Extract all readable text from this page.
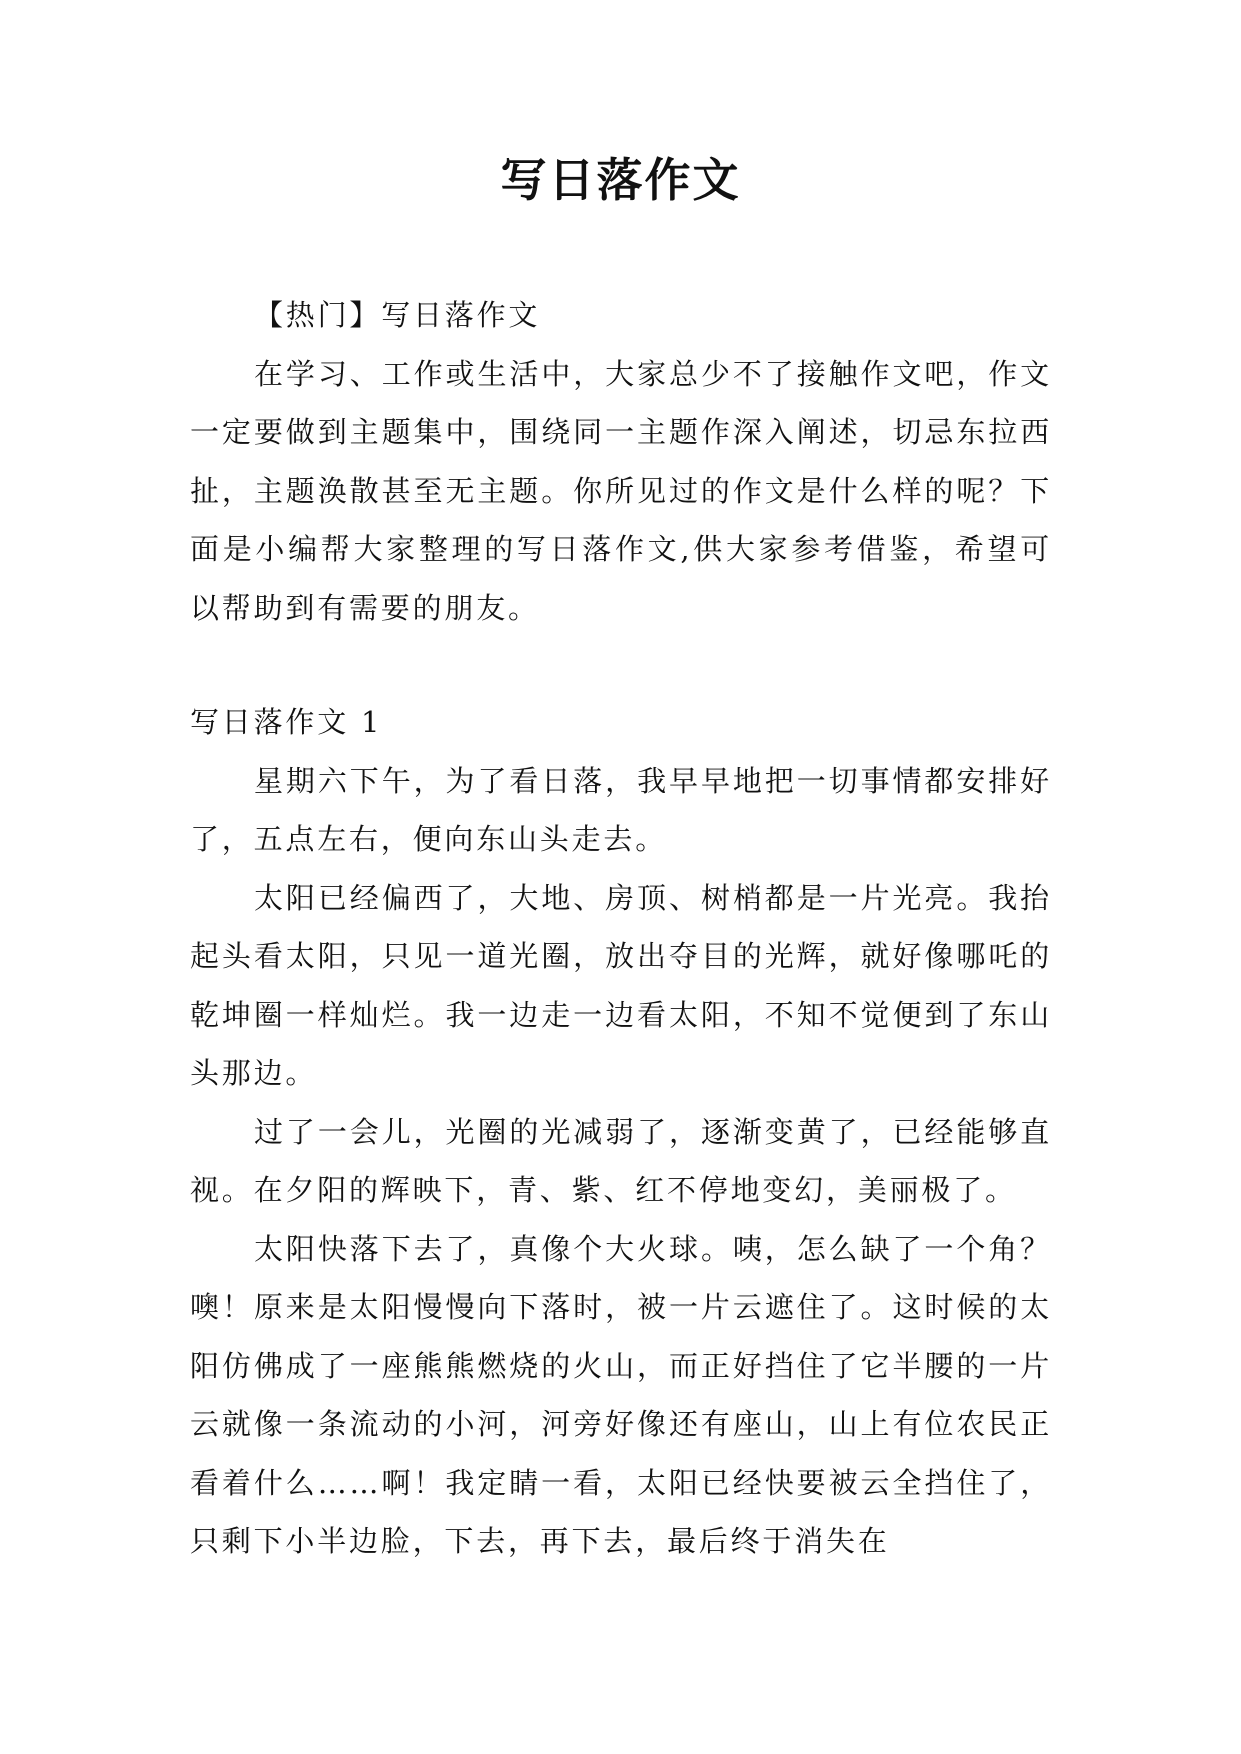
写日落作文

【热门】写日落作文

在学习、工作或生活中，大家总少不了接触作文吧，作文一定要做到主题集中，围绕同一主题作深入阐述，切忌东拉西扯，主题涣散甚至无主题。你所见过的作文是什么样的呢？下面是小编帮大家整理的写日落作文,供大家参考借鉴，希望可以帮助到有需要的朋友。

写日落作文 1

星期六下午，为了看日落，我早早地把一切事情都安排好了，五点左右，便向东山头走去。

太阳已经偏西了，大地、房顶、树梢都是一片光亮。我抬起头看太阳，只见一道光圈，放出夺目的光辉，就好像哪吒的乾坤圈一样灿烂。我一边走一边看太阳，不知不觉便到了东山头那边。

过了一会儿，光圈的光减弱了，逐渐变黄了，已经能够直视。在夕阳的辉映下，青、紫、红不停地变幻，美丽极了。

太阳快落下去了，真像个大火球。咦，怎么缺了一个角？噢！原来是太阳慢慢向下落时，被一片云遮住了。这时候的太阳仿佛成了一座熊熊燃烧的火山，而正好挡住了它半腰的一片云就像一条流动的小河，河旁好像还有座山，山上有位农民正看着什么……啊！我定睛一看，太阳已经快要被云全挡住了，只剩下小半边脸，下去，再下去，最后终于消失在
